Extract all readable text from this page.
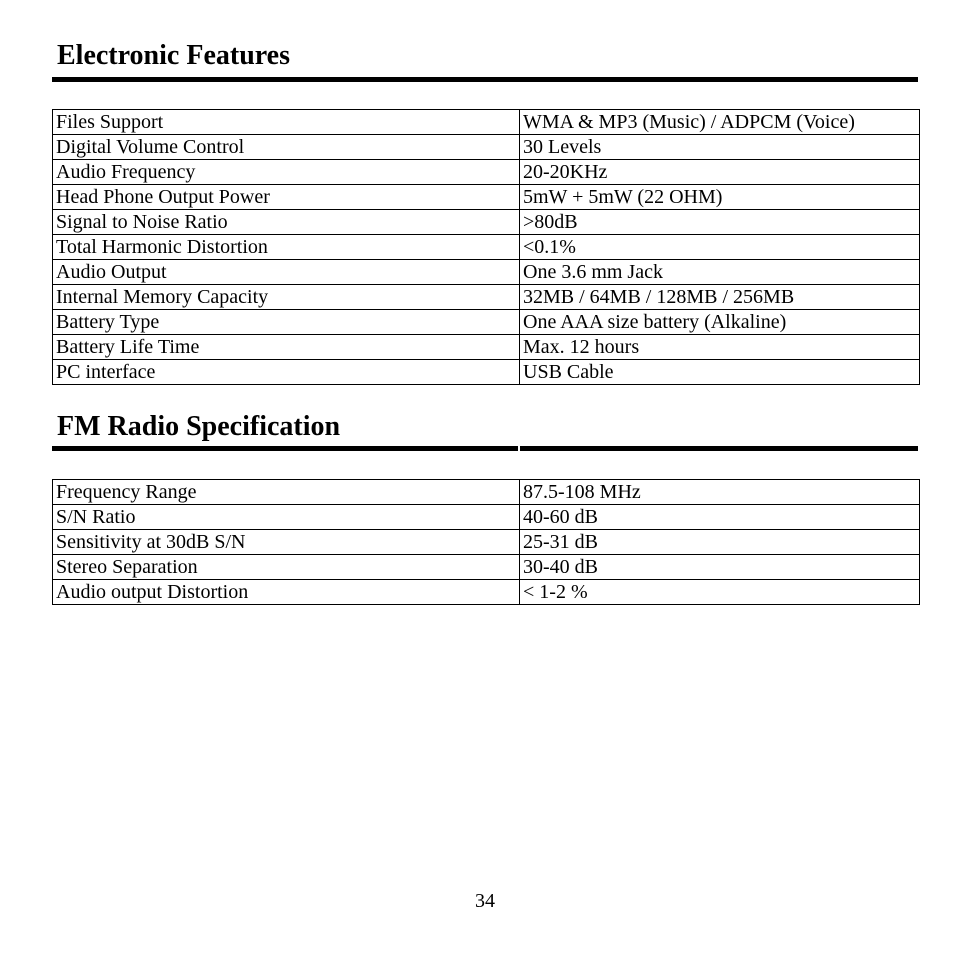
Electronic Features
Files Support	WMA & MP3 (Music) / ADPCM (Voice)
Digital Volume Control	30 Levels
Audio Frequency	20-20KHz
Head Phone Output Power	5mW + 5mW (22 OHM)
Signal to Noise Ratio	>80dB
Total Harmonic Distortion	<0.1%
Audio Output	One 3.6 mm Jack
Internal Memory Capacity	32MB / 64MB / 128MB / 256MB
Battery Type	One AAA size battery (Alkaline)
Battery Life Time	Max. 12 hours
PC interface	USB Cable
FM Radio Specification
Frequency Range	87.5-108 MHz
S/N Ratio	40-60 dB
Sensitivity at 30dB S/N	25-31 dB
Stereo Separation	30-40 dB
Audio output Distortion	< 1-2 %
34
